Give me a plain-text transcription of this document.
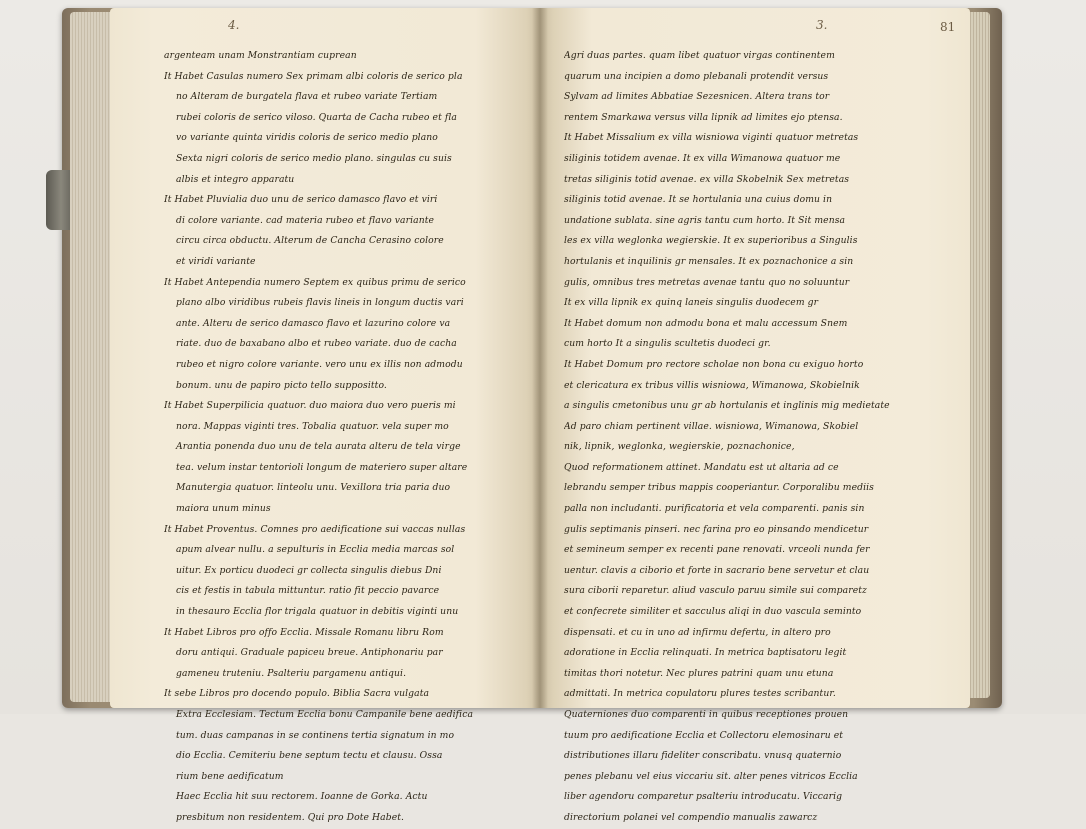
4.
argenteam unam Monstrantiam cuprean
It Habet Casulas numero Sex primam albi coloris de serico pla
no Alteram de burgatela flava et rubeo variate Tertiam
rubei coloris de serico viloso. Quarta de Cacha rubeo et fla
vo variante quinta viridis coloris de serico medio plano
Sexta nigri coloris de serico medio plano. singulas cu suis
albis et integro apparatu
It Habet Pluvialia duo unu de serico damasco flavo et viri
di colore variante. cad materia rubeo et flavo variante
circu circa obductu. Alterum de Cancha Cerasino colore
et viridi variante
It Habet Antependia numero Septem ex quibus primu de serico
plano albo viridibus rubeis flavis lineis in longum ductis vari
ante. Alteru de serico damasco flavo et lazurino colore va
riate. duo de baxabano albo et rubeo variate. duo de cacha
rubeo et nigro colore variante. vero unu ex illis non admodu
bonum. unu de papiro picto tello suppositto.
It Habet Superpilicia quatuor. duo maiora duo vero pueris mi
nora. Mappas viginti tres. Tobalia quatuor. vela super mo
Arantia ponenda duo unu de tela aurata alteru de tela virge
tea. velum instar tentorioli longum de materiero super altare
Manutergia quatuor. linteolu unu. Vexillora tria paria duo
maiora unum minus
It Habet Proventus. Comnes pro aedificatione sui vaccas nullas
apum alvear nullu. a sepulturis in Ecclia media marcas sol
uitur. Ex porticu duodeci gr collecta singulis diebus Dni
cis et festis in tabula mittuntur. ratio fit peccio pavarce
in thesauro Ecclia flor trigala quatuor in debitis viginti unu
It Habet Libros pro offo Ecclia. Missale Romanu libru Rom
doru antiqui. Graduale papiceu breue. Antiphonariu par
gameneu truteniu. Psalteriu pargamenu antiqui.
It sebe Libros pro docendo populo. Biblia Sacra vulgata
Extra Ecclesiam. Tectum Ecclia bonu Campanile bene aedifica
tum. duas campanas in se continens tertia signatum in mo
dio Ecclia. Cemiteriu bene septum tectu et clausu. Ossa
rium bene aedificatum
Haec Ecclia hit suu rectorem. Ioanne de Gorka. Actu
presbitum non residentem. Qui pro Dote Habet.
3.	81
Agri duas partes. quam libet quatuor virgas continentem
quarum una incipien a domo plebanali protendit versus
Sylvam ad limites Abbatiae Sezesnicen. Altera trans tor
rentem Smarkawa versus villa lipnik ad limites ejo ptensa.
It Habet Missalium ex villa wisniowa viginti quatuor metretas
siliginis totidem avenae. It ex villa Wimanowa quatuor me
tretas siliginis totid avenae. ex villa Skobelnik Sex metretas
siliginis totid avenae. It se hortulania una cuius domu in
undatione sublata. sine agris tantu cum horto. It Sit mensa
les ex villa weglonka wegierskie. It ex superioribus a Singulis
hortulanis et inquilinis gr mensales. It ex poznachonice a sin
gulis, omnibus tres metretas avenae tantu quo no soluuntur
It ex villa lipnik ex quinq laneis singulis duodecem gr
It Habet domum non admodu bona et malu accessum Snem
cum horto It a singulis scultetis duodeci gr.
It Habet Domum pro rectore scholae non bona cu exiguo horto
et clericatura ex tribus villis wisniowa, Wimanowa, Skobielnik
a singulis cmetonibus unu gr ab hortulanis et inglinis mig medietate
Ad paro chiam pertinent villae. wisniowa, Wimanowa, Skobiel
nik, lipnik, weglonka, wegierskie, poznachonice,
Quod reformationem attinet. Mandatu est ut altaria ad ce
lebrandu semper tribus mappis cooperiantur. Corporalibu mediis
palla non includanti. purificatoria et vela comparenti. panis sin
gulis septimanis pinseri. nec farina pro eo pinsando mendicetur
et semineum semper ex recenti pane renovati. vrceoli nunda fer
uentur. clavis a ciborio et forte in sacrario bene servetur et clau
sura ciborii reparetur. aliud vasculo paruu simile sui comparetz
et confecrete similiter et sacculus aliqi in duo vascula seminto
dispensati. et cu in uno ad infirmu defertu, in altero pro
adoratione in Ecclia relinquati. In metrica baptisatoru legit
timitas thori notetur. Nec plures patrini quam unu etuna
admittati. In metrica copulatoru plures testes scribantur.
Quaterniones duo comparenti in quibus receptiones prouen
tuum pro aedificatione Ecclia et Collectoru elemosinaru et
distributiones illaru fideliter conscribatu. vnusq quaternio
penes plebanu vel eius viccariu sit. alter penes vitricos Ecclia
liber agendoru comparetur psalteriu introducatu. Viccarig
directorium polanei vel compendio manualis zawarcz
